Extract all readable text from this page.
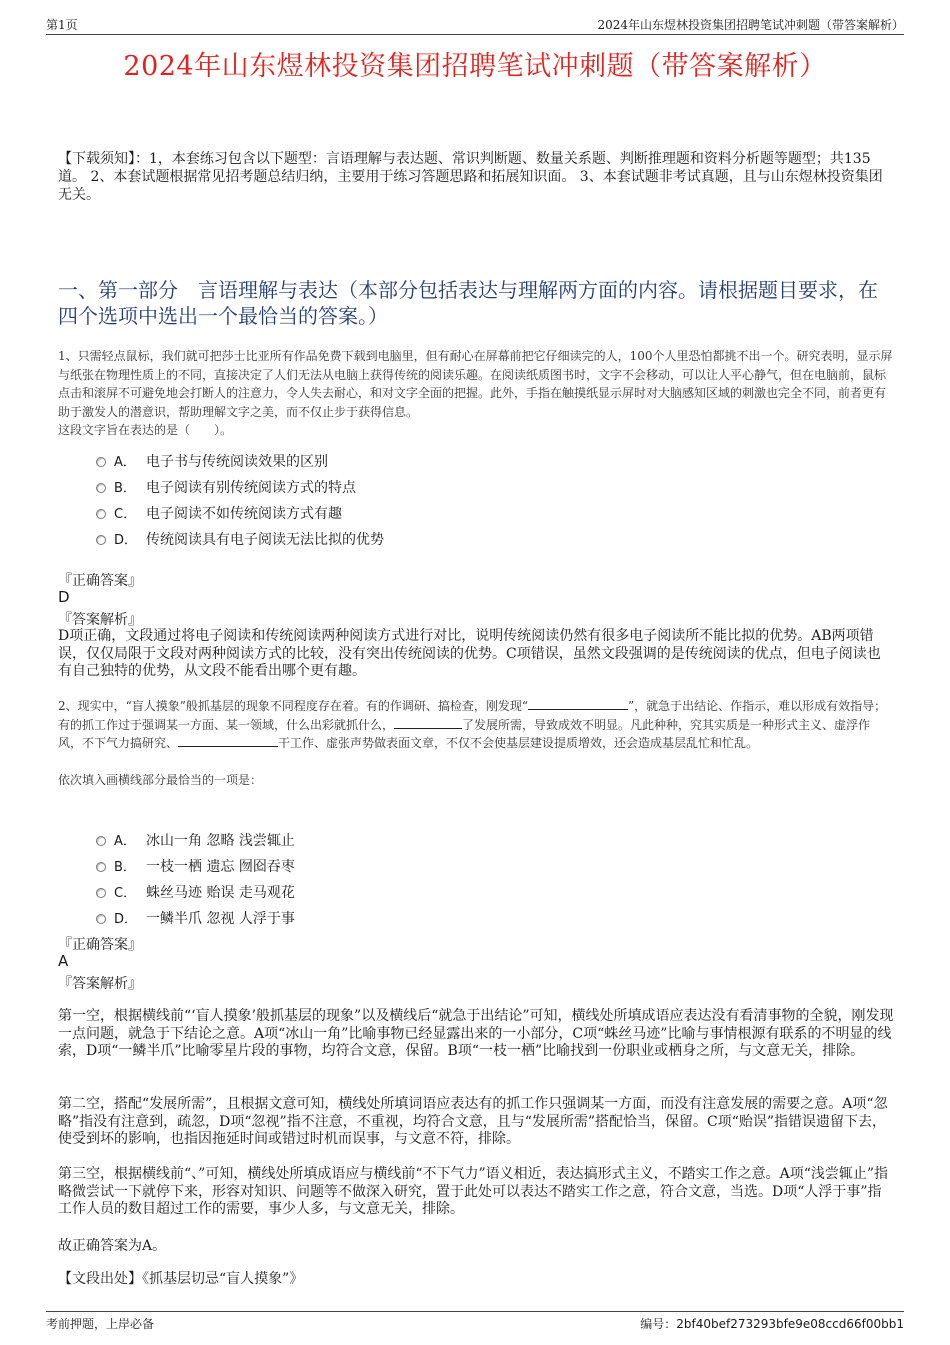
第1页	2024年山东煜林投资集团招聘笔试冲刺题（带答案解析）
2024年山东煜林投资集团招聘笔试冲刺题（带答案解析）
【下载须知】：1，本套练习包含以下题型：言语理解与表达题、常识判断题、数量关系题、判断推理题和资料分析题等题型；共135道。 2、本套试题根据常见招考题总结归纳，主要用于练习答题思路和拓展知识面。 3、本套试题非考试真题，且与山东煜林投资集团无关。
一、第一部分　言语理解与表达（本部分包括表达与理解两方面的内容。请根据题目要求，在四个选项中选出一个最恰当的答案。）
1、只需轻点鼠标，我们就可把莎士比亚所有作品免费下载到电脑里，但有耐心在屏幕前把它仔细读完的人，100个人里恐怕都挑不出一个。研究表明，显示屏与纸张在物理性质上的不同，直接决定了人们无法从电脑上获得传统的阅读乐趣。在阅读纸质图书时，文字不会移动，可以让人平心静气，但在电脑前，鼠标点击和滚屏不可避免地会打断人的注意力，令人失去耐心，和对文字全面的把握。此外，手指在触摸纸显示屏时对大脑感知区域的刺激也完全不同，前者更有助于激发人的潜意识，帮助理解文字之美，而不仅止步于获得信息。
这段文字旨在表达的是（　　）。
A． 电子书与传统阅读效果的区别
B． 电子阅读有别传统阅读方式的特点
C． 电子阅读不如传统阅读方式有趣
D． 传统阅读具有电子阅读无法比拟的优势
『正确答案』
D
『答案解析』
D项正确，文段通过将电子阅读和传统阅读两种阅读方式进行对比，说明传统阅读仍然有很多电子阅读所不能比拟的优势。AB两项错误，仅仅局限于文段对两种阅读方式的比较，没有突出传统阅读的优势。C项错误，虽然文段强调的是传统阅读的优点，但电子阅读也有自己独特的优势，从文段不能看出哪个更有趣。
2、现实中，“盲人摸象”般抓基层的现象不同程度存在着。有的作调研、搞检查，刚发现“	”，就急于出结论、作指示，难以形成有效指导；有的抓工作过于强调某一方面、某一领域，什么出彩就抓什么，	了发展所需，导致成效不明显。凡此种种，究其实质是一种形式主义、虚浮作风，不下气力搞研究、	干工作、虚张声势做表面文章，不仅不会使基层建设提质增效，还会造成基层乱忙和忙乱。
依次填入画横线部分最恰当的一项是：
A． 冰山一角 忽略 浅尝辄止
B． 一枝一栖 遗忘 囫囵吞枣
C． 蛛丝马迹 贻误 走马观花
D． 一鳞半爪 忽视 人浮于事
『正确答案』
A
『答案解析』
第一空，根据横线前“‘盲人摸象’般抓基层的现象”以及横线后“就急于出结论”可知，横线处所填成语应表达没有看清事物的全貌，刚发现一点问题，就急于下结论之意。A项“冰山一角”比喻事物已经显露出来的一小部分，C项“蛛丝马迹”比喻与事情根源有联系的不明显的线索，D项“一鳞半爪”比喻零星片段的事物，均符合文意，保留。B项“一枝一栖”比喻找到一份职业或栖身之所，与文意无关，排除。
第二空，搭配“发展所需”，且根据文意可知，横线处所填词语应表达有的抓工作只强调某一方面，而没有注意发展的需要之意。A项“忽略”指没有注意到，疏忽，D项“忽视”指不注意，不重视，均符合文意，且与“发展所需”搭配恰当，保留。C项“贻误”指错误遗留下去，使受到坏的影响，也指因拖延时间或错过时机而误事，与文意不符，排除。
第三空，根据横线前“、”可知，横线处所填成语应与横线前“不下气力”语义相近，表达搞形式主义，不踏实工作之意。A项“浅尝辄止”指略微尝试一下就停下来，形容对知识、问题等不做深入研究，置于此处可以表达不踏实工作之意，符合文意，当选。D项“人浮于事”指工作人员的数目超过工作的需要，事少人多，与文意无关，排除。
故正确答案为A。
【文段出处】《抓基层切忌“盲人摸象”》
考前押题，上岸必备	编号：2bf40bef273293bfe9e08ccd66f00bb1
